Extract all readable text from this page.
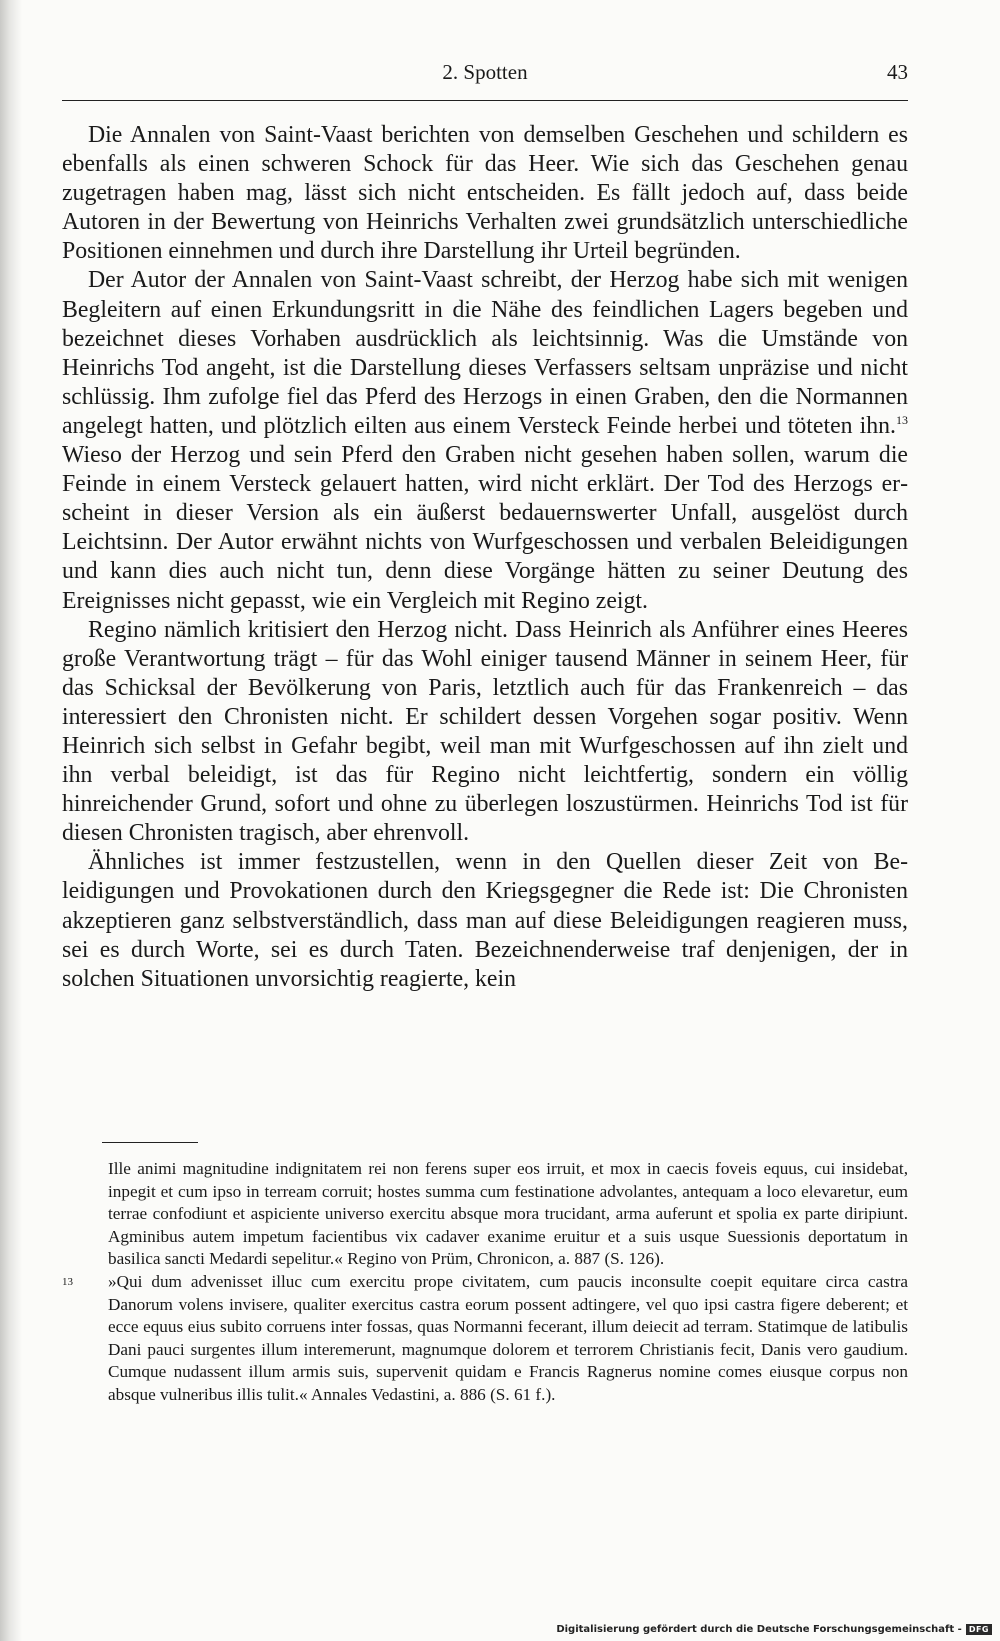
2. Spotten	43

Die Annalen von Saint-Vaast berichten von demselben Geschehen und schildern es ebenfalls als einen schweren Schock für das Heer. Wie sich das Geschehen genau zugetragen haben mag, lässt sich nicht entscheiden. Es fällt jedoch auf, dass beide Autoren in der Bewertung von Heinrichs Verhalten zwei grundsätzlich unterschiedliche Positionen einnehmen und durch ihre Darstellung ihr Urteil begründen.

Der Autor der Annalen von Saint-Vaast schreibt, der Herzog habe sich mit wenigen Begleitern auf einen Erkundungsritt in die Nähe des feindlichen Lagers begeben und bezeichnet dieses Vorhaben ausdrücklich als leichtsinnig. Was die Umstände von Heinrichs Tod angeht, ist die Darstellung dieses Verfassers seltsam unpräzise und nicht schlüssig. Ihm zufolge fiel das Pferd des Herzogs in einen Graben, den die Normannen angelegt hatten, und plötzlich eilten aus einem Versteck Feinde herbei und töteten ihn.$^{13}$ Wieso der Herzog und sein Pferd den Graben nicht gesehen haben sollen, warum die Feinde in einem Versteck gelauert hatten, wird nicht erklärt. Der Tod des Herzogs erscheint in dieser Version als ein äußerst bedauernswerter Unfall, ausgelöst durch Leichtsinn. Der Autor erwähnt nichts von Wurfgeschossen und verbalen Beleidigungen und kann dies auch nicht tun, denn diese Vorgänge hätten zu seiner Deutung des Ereignisses nicht gepasst, wie ein Vergleich mit Regino zeigt.

Regino nämlich kritisiert den Herzog nicht. Dass Heinrich als Anführer eines Heeres große Verantwortung trägt – für das Wohl einiger tausend Männer in seinem Heer, für das Schicksal der Bevölkerung von Paris, letztlich auch für das Frankenreich – das interessiert den Chronisten nicht. Er schildert dessen Vorgehen sogar positiv. Wenn Heinrich sich selbst in Gefahr begibt, weil man mit Wurfgeschossen auf ihn zielt und ihn verbal beleidigt, ist das für Regino nicht leichtfertig, sondern ein völlig hinreichender Grund, sofort und ohne zu überlegen loszustürmen. Heinrichs Tod ist für diesen Chronisten tragisch, aber ehrenvoll.

Ähnliches ist immer festzustellen, wenn in den Quellen dieser Zeit von Beleidigungen und Provokationen durch den Kriegsgegner die Rede ist: Die Chronisten akzeptieren ganz selbstverständlich, dass man auf diese Beleidigungen reagieren muss, sei es durch Worte, sei es durch Taten. Bezeichnenderweise traf denjenigen, der in solchen Situationen unvorsichtig reagierte, kein

Ille animi magnitudine indignitatem rei non ferens super eos irruit, et mox in caecis foveis equus, cui insidebat, inpegit et cum ipso in terream corruit; hostes summa cum festinatione advolantes, antequam a loco elevaretur, eum terrae confodiunt et aspiciente universo exercitu absque mora trucidant, arma auferunt et spolia ex parte diripiunt. Agminibus autem impetum facientibus vix cadaver exanime eruitur et a suis usque Suessionis deportatum in basilica sancti Medardi sepelitur.« Regino von Prüm, Chronicon, a. 887 (S. 126).
13	»Qui dum advenisset illuc cum exercitu prope civitatem, cum paucis inconsulte coepit equitare circa castra Danorum volens invisere, qualiter exercitus castra eorum possent adtingere, vel quo ipsi castra figere deberent; et ecce equus eius subito corruens inter fossas, quas Normanni fecerant, illum deiecit ad terram. Statimque de latibulis Dani pauci surgentes illum interemerunt, magnumque dolorem et terrorem Christianis fecit, Danis vero gaudium. Cumque nudassent illum armis suis, supervenit quidam e Francis Ragnerus nomine comes eiusque corpus non absque vulneribus illis tulit.« Annales Vedastini, a. 886 (S. 61 f.).
Digitalisierung gefördert durch die Deutsche Forschungsgemeinschaft - DFG
